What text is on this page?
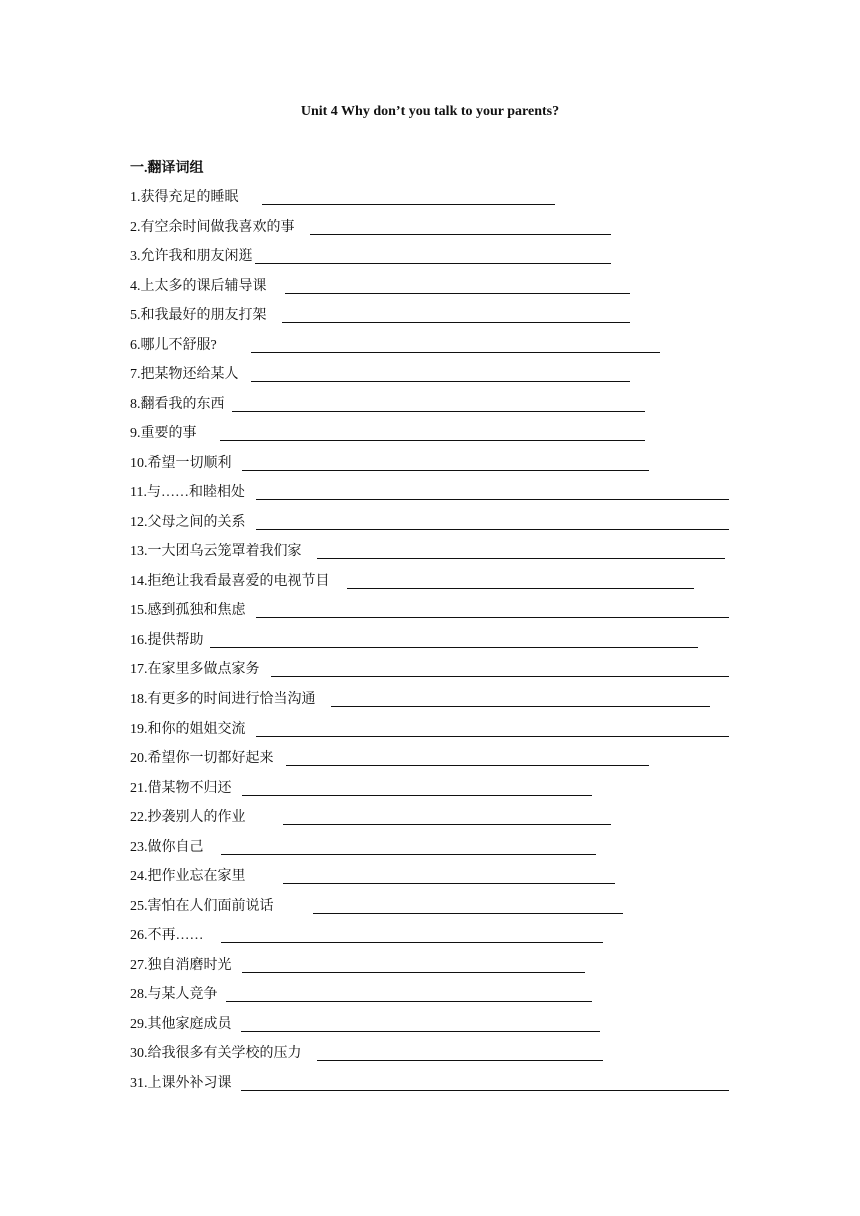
Unit 4 Why don’t you talk to your parents?
一.翻译词组
1.获得充足的睡眠
2.有空余时间做我喜欢的事
3.允许我和朋友闲逛
4.上太多的课后辅导课
5.和我最好的朋友打架
6.哪儿不舒服?
7.把某物还给某人
8.翻看我的东西
9.重要的事
10.希望一切顺利
11.与……和睦相处
12.父母之间的关系
13.一大团乌云笼罩着我们家
14.拒绝让我看最喜爱的电视节目
15.感到孤独和焦虑
16.提供帮助
17.在家里多做点家务
18.有更多的时间进行恰当沟通
19.和你的姐姐交流
20.希望你一切都好起来
21.借某物不归还
22.抄袭别人的作业
23.做你自己
24.把作业忘在家里
25.害怕在人们面前说话
26.不再……
27.独自消磨时光
28.与某人竞争
29.其他家庭成员
30.给我很多有关学校的压力
31.上课外补习课
